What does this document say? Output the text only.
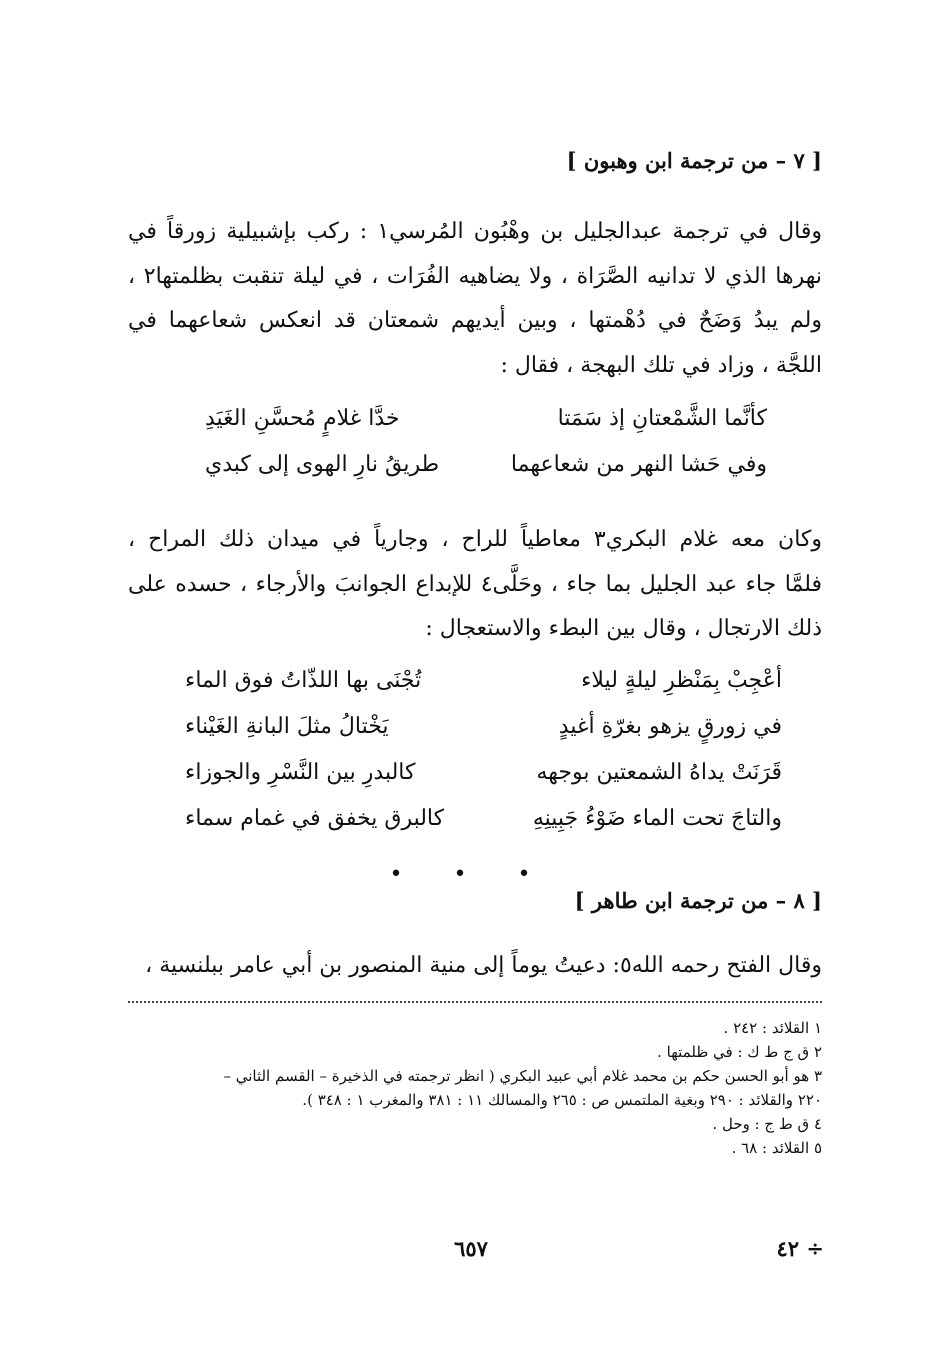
[ ٧ – من ترجمة ابن وهبون ]
وقال في ترجمة عبدالجليل بن وهْبُون المُرسي١ : ركب بإشبيلية زورقاً في
نهرها الذي لا تدانيه الصَّرَاة ، ولا يضاهيه الفُرَات ، في ليلة تنقبت بظلمتها٢ ،
ولم يبدُ وَضَحٌ في دُهْمتها ، وبين أيديهم شمعتان قد انعكس شعاعهما في
اللجَّة ، وزاد في تلك البهجة ، فقال :
كأنَّما الشَّمْعتانِ إذ سَمَتا
خدَّا غلامٍ مُحسَّنِ الغَيَدِ
وفي حَشا النهر من شعاعهما
طريقُ نارِ الهوى إلى كبدي
وكان معه غلام البكري٣ معاطياً للراح ، وجارياً في ميدان ذلك المراح ،
فلمَّا جاء عبد الجليل بما جاء ، وحَلَّى٤ للإبداع الجوانبَ والأرجاء ، حسده على
ذلك الارتجال ، وقال بين البطء والاستعجال :
أعْجِبْ بِمَنْظرِ ليلةٍ ليلاء
تُجْنَى بها اللذّاتُ فوق الماء
في زورقٍ يزهو بغرّةِ أغيدٍ
يَخْتالُ مثلَ البانةِ الغَيْناء
قَرَنَتْ يداهُ الشمعتين بوجهه
كالبدرِ بين النَّسْرِ والجوزاء
والتاجَ تحت الماء ضَوْءُ جَبِينِهِ
كالبرق يخفق في غمام سماء
• • •
[ ٨ – من ترجمة ابن طاهر ]
وقال الفتح رحمه الله٥: دعيتُ يوماً إلى منية المنصور بن أبي عامر ببلنسية ،
١ القلائد : ٢٤٢ .
٢ ق ج ط ك : في ظلمتها .
٣ هو أبو الحسن حكم بن محمد غلام أبي عبيد البكري ( انظر ترجمته في الذخيرة – القسم الثاني –
٢٢٠ والقلائد : ٢٩٠ وبغية الملتمس ص : ٢٦٥ والمسالك ١١ : ٣٨١ والمغرب ١ : ٣٤٨ ).
٤ ق ط ج : وحل .
٥ القلائد : ٦٨ .
٦٥٧	٤٢ ÷
